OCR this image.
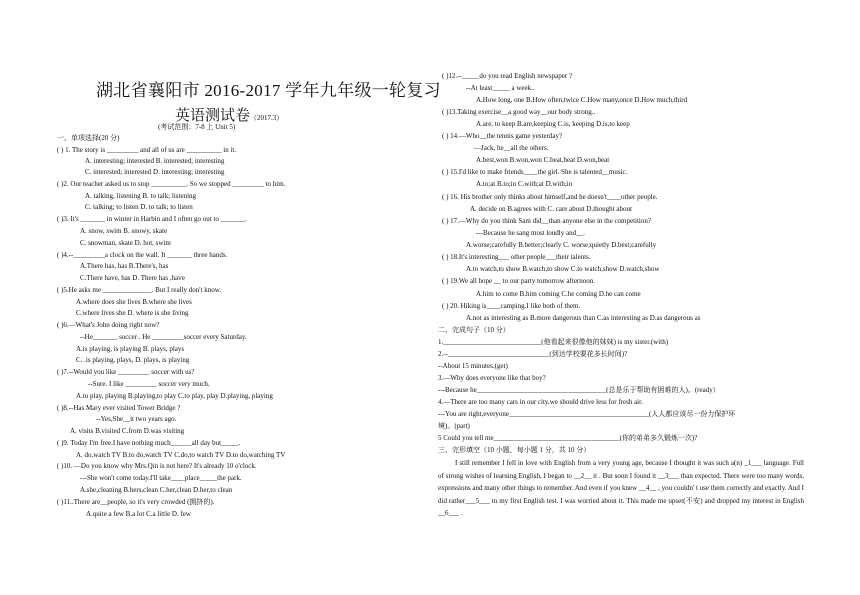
湖北省襄阳市 2016-2017 学年九年级一轮复习
英语测试卷（2017.3）
(考试范围：7-8 上 Unit 5)
一、单项选择(20 分)
( ) 1. The story is _________ and all of us are __________ in it.
A. interesting; interested B. interested; interesting
C. interested; interested D. interesting; interesting
( )2. Our teacher asked us to stop __________. So we stopped _________ to him.
A. talking, listening B. to talk; listening
C. talking; to listen D. to talk; to listen
( )3. It's _______ in winter in Harbin and I often go out to _______.
A. snow, swim B. snowy, skate
C. snowman, skate D. hot, swim
( )4.--_________a clock on the wall. It _______ three hands.
A.There has, has B.There's, has
C.There have, has D. There has ,have
( )5.He asks me ______________. But I really don't know.
A.where does she lives B.where she lives
C.where lives she D. where is she living
( )6.—What's John doing right now?
--He_______ soccer . He _________soccer every Saturday.
A.is playing, is playing B. plays, plays
C. .is playing, plays, D. plays, is playing
( )7.--Would you like _________ soccer with us?
--Sure. I like _________ soccer very much.
A.to play, playing B.playing,to play C.to play, play D.playing, playing
( )8.--Has Mary ever visited Tower Bridge ?
--Yes,She__it two years ago.
A. visits B.visited C.from D.was visiting
( )9. Today I'm free.I have nothing much______all day but_____.
A. do,watch TV B.to do,watch TV C.do,to watch TV D.to do,watching TV
( )10. —Do you know why Mrs.Qin is not here? It's already 10 o'clock.
---She won't come today.I'll take____place_____the park.
A.she,cleaning B.hers,clean C.her,clean D.her,to clean
( )11..There are__people, so it's very crowded (拥挤的).
A.quite a few B.a lot C.a little D. few
( )12.--_____do you read English newspaper ?
--At least_____ a week..
A.How long, one B.How often,twice C.How many,once D.How much,third
( )13.Taking exercise__a good way__our body strong..
A.are, to keep B.are,keeping C.is, keeping D.is,to keep
( ) 14.—Who__the tennis game yesterday?
—Jack, he__all the others.
A.best,won B.won,won C.beat,beat D.won,beat
( ) 15.I'd like to make friends____the girl. She is talented__music.
A.to;at B.to;in C.with;at D.with;in
( ) 16. His brother only thinks about himself,and he doesn't____other people.
A. decide on B.agrees with C. care about D.thought about
( ) 17.—Why do you think Sam did__than anyone else in the competition?
---Because he sang most loudly and__.
A.worse;carefully B.better;clearly C. worse;quietly D.best;carefully
( ) 18.It's interesting___ other people___their talents.
A.to watch,to show B.watch,to show C.to watch,show D.watch,show
( ) 19.We all hope __ to our party tomorrow afternoon.
A.him to come B.him coming C.he coming D.he can come
( ) 20. Hiking is____camping.I like both of them.
A.not as interesting as B.more dangerous than C.as interesting as D.as dangerous as
二、完成句子（10 分）
1.____________________________(他看起来很像他的妹妹) is my sister.(with)
2.--_____________________________(到达学校要花多长时间)?
--About 15 minutes.(get)
3.—Why does everyone like that boy?
---Because he_____________________________________(总是乐于帮助有困难的人)。(ready）
4.—There are too many cars in our city,we should drive less for fresh air.
---You are right,everyone________________________________________(人人都应该尽一份力保护环
境)。(part)
5 Could you tell me____________________________________(你的弟弟多久锻炼一次)?
三、完形填空（10 小题，每小题 1 分，共 10 分）
I still remember I fell in love with English from a very young age, because I thought it was such a(n) _1___ language. Full of strong wishes of learning English, I began to __2__ it . But soon I found it __3___ than expected. There were too many words, expressions and many other things to remember. And even if you knew __4__ , you couldn' t use them correctly and exactly. And I did rather___5___ in my first English test. I was worried about it. This made me upset(不安) and dropped my interest in English __6___ .
